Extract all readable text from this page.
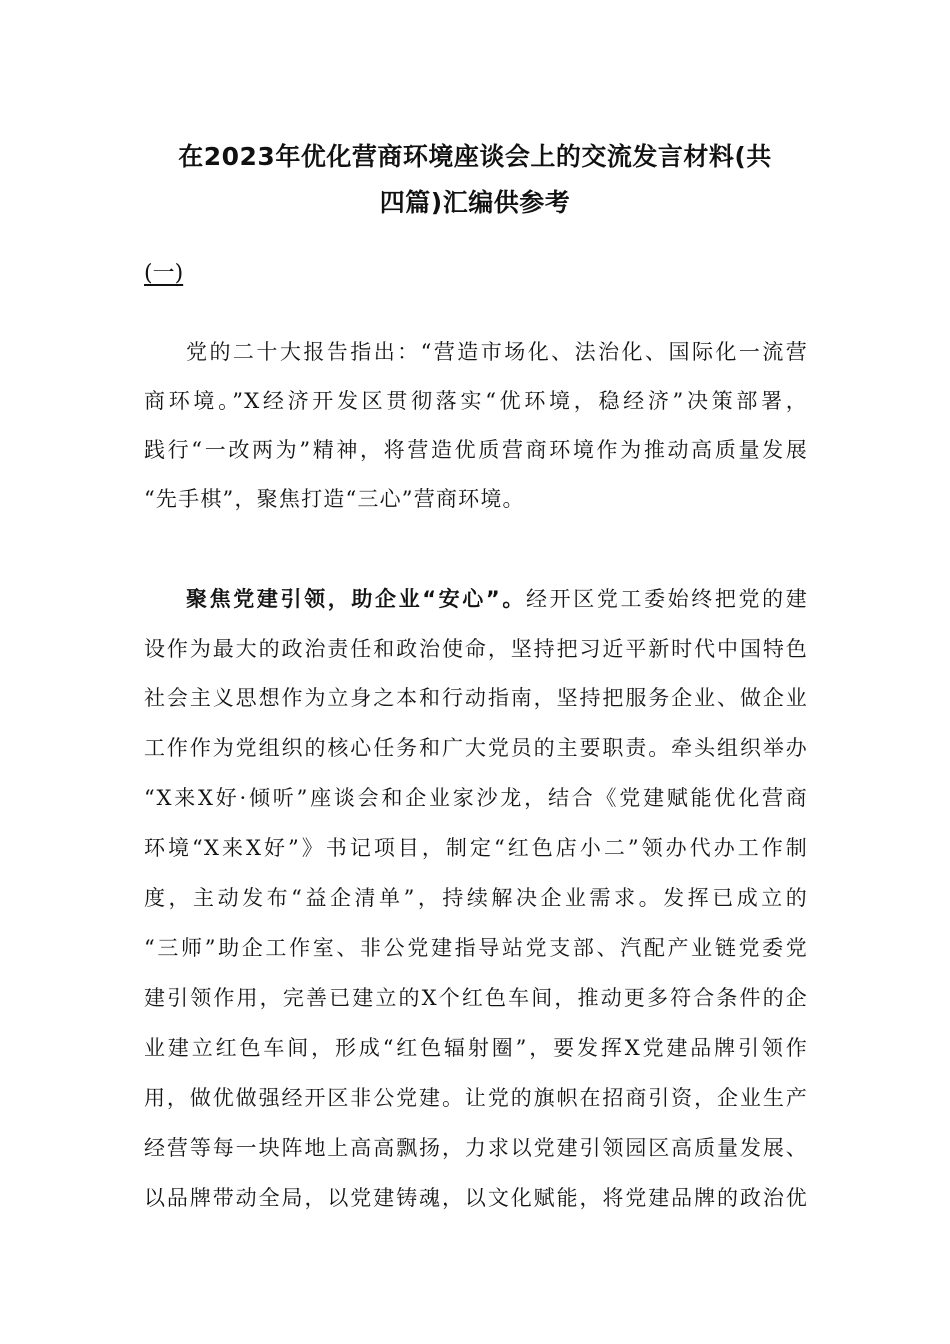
在2023年优化营商环境座谈会上的交流发言材料(共
四篇)汇编供参考
(一)
党的二十大报告指出：“营造市场化、法治化、国际化一流营
商环境。”X经济开发区贯彻落实“优环境，稳经济”决策部署，
践行“一改两为”精神，将营造优质营商环境作为推动高质量发展
“先手棋”，聚焦打造“三心”营商环境。
聚焦党建引领，助企业“安心”。经开区党工委始终把党的建
设作为最大的政治责任和政治使命，坚持把习近平新时代中国特色
社会主义思想作为立身之本和行动指南，坚持把服务企业、做企业
工作作为党组织的核心任务和广大党员的主要职责。牵头组织举办
“X来X好·倾听”座谈会和企业家沙龙，结合《党建赋能优化营商
环境“X来X好”》书记项目，制定“红色店小二”领办代办工作制
度，主动发布“益企清单”，持续解决企业需求。发挥已成立的
“三师”助企工作室、非公党建指导站党支部、汽配产业链党委党
建引领作用，完善已建立的X个红色车间，推动更多符合条件的企
业建立红色车间，形成“红色辐射圈”，要发挥X党建品牌引领作
用，做优做强经开区非公党建。让党的旗帜在招商引资，企业生产
经营等每一块阵地上高高飘扬，力求以党建引领园区高质量发展、
以品牌带动全局，以党建铸魂，以文化赋能，将党建品牌的政治优
